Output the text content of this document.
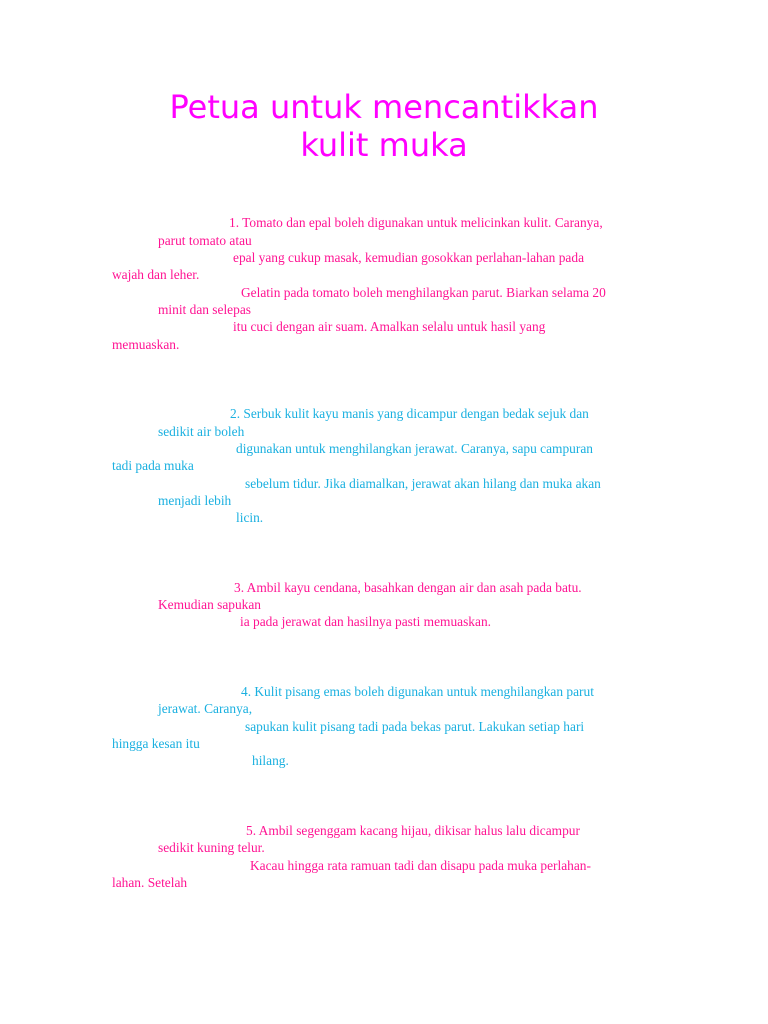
Petua untuk mencantikkan
kulit muka

1. Tomato dan epal boleh digunakan untuk melicinkan kulit. Caranya,

parut tomato atau

epal yang cukup masak, kemudian gosokkan perlahan-lahan pada

wajah dan leher.

Gelatin pada tomato boleh menghilangkan parut. Biarkan selama 20

minit dan selepas

itu cuci dengan air suam. Amalkan selalu untuk hasil yang

memuaskan.

2. Serbuk kulit kayu manis yang dicampur dengan bedak sejuk dan

sedikit air boleh

digunakan untuk menghilangkan jerawat. Caranya, sapu campuran

tadi pada muka

sebelum tidur. Jika diamalkan, jerawat akan hilang dan muka akan

menjadi lebih

licin.

3. Ambil kayu cendana, basahkan dengan air dan asah pada batu.

Kemudian sapukan

ia pada jerawat dan hasilnya pasti memuaskan.

4. Kulit pisang emas boleh digunakan untuk menghilangkan parut

jerawat. Caranya,

sapukan kulit pisang tadi pada bekas parut. Lakukan setiap hari

hingga kesan itu

hilang.

5. Ambil segenggam kacang hijau, dikisar halus lalu dicampur

sedikit kuning telur.

Kacau hingga rata ramuan tadi dan disapu pada muka perlahan-

lahan. Setelah
